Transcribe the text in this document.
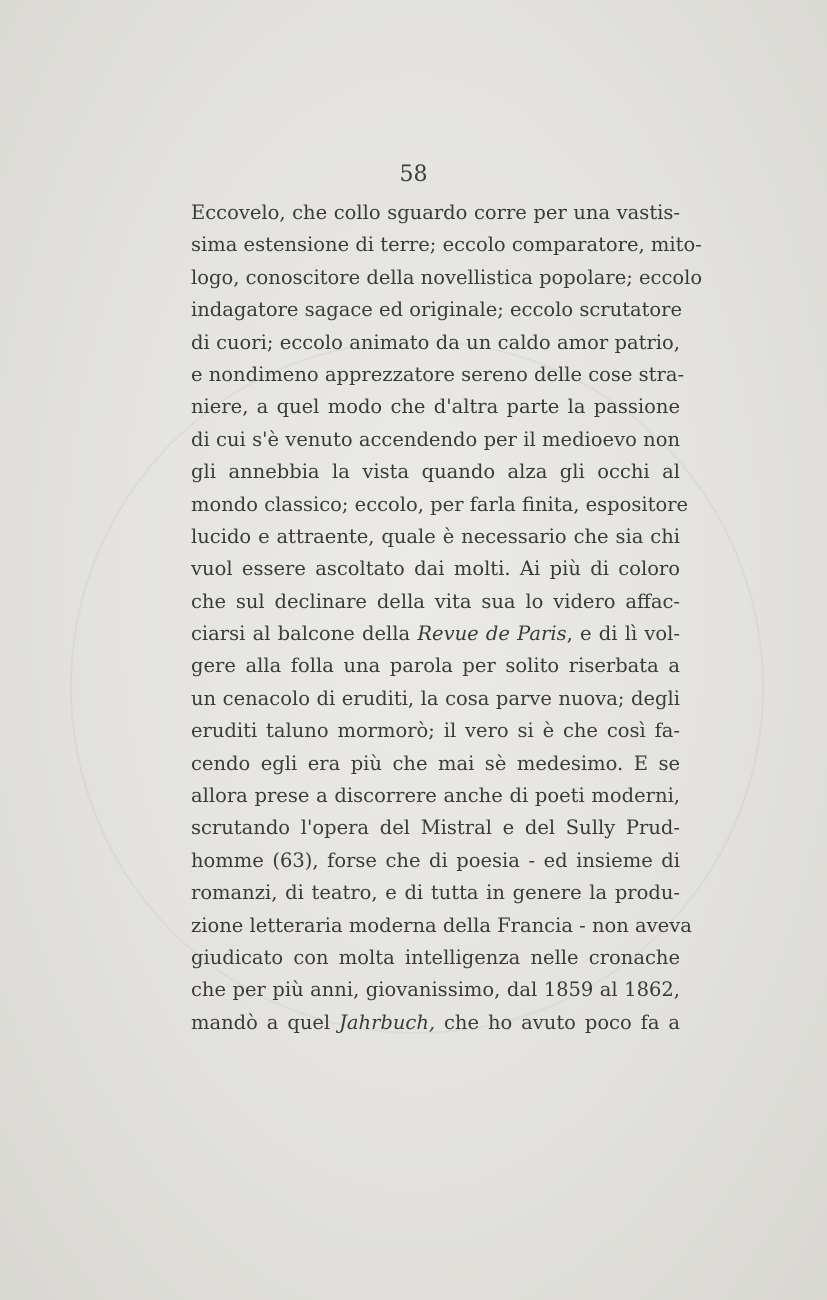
58
Eccovelo, che collo sguardo corre per una vastis-
sima estensione di terre; eccolo comparatore, mito-
logo, conoscitore della novellistica popolare; eccolo
indagatore sagace ed originale; eccolo scrutatore
di cuori; eccolo animato da un caldo amor patrio,
e nondimeno apprezzatore sereno delle cose stra-
niere, a quel modo che d'altra parte la passione
di cui s'è venuto accendendo per il medioevo non
gli annebbia la vista quando alza gli occhi al
mondo classico; eccolo, per farla finita, espositore
lucido e attraente, quale è necessario che sia chi
vuol essere ascoltato dai molti. Ai più di coloro
che sul declinare della vita sua lo videro affac-
ciarsi al balcone della Revue de Paris, e di lì vol-
gere alla folla una parola per solito riserbata a
un cenacolo di eruditi, la cosa parve nuova; degli
eruditi taluno mormorò; il vero si è che così fa-
cendo egli era più che mai sè medesimo. E se
allora prese a discorrere anche di poeti moderni,
scrutando l'opera del Mistral e del Sully Prud-
homme (63), forse che di poesia - ed insieme di
romanzi, di teatro, e di tutta in genere la produ-
zione letteraria moderna della Francia - non aveva
giudicato con molta intelligenza nelle cronache
che per più anni, giovanissimo, dal 1859 al 1862,
mandò a quel Jahrbuch, che ho avuto poco fa a
